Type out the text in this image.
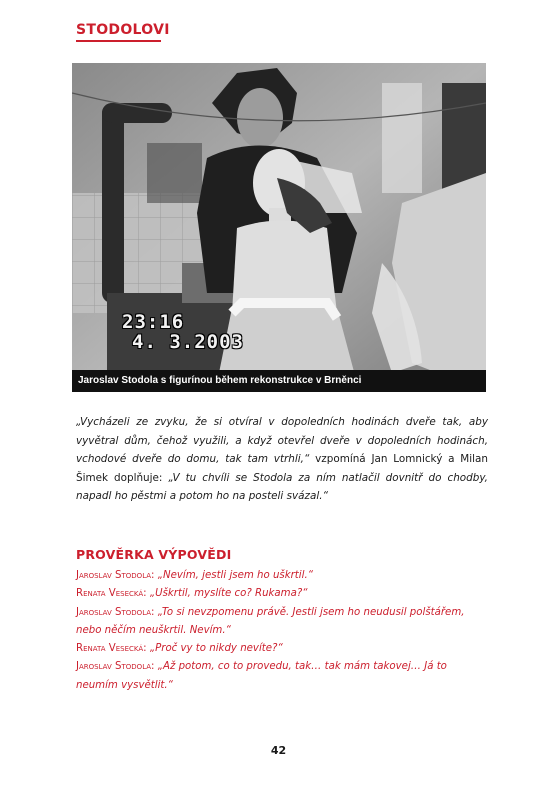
STODOLOVI
23:16
4. 3.2003
Jaroslav Stodola s figurínou během rekonstrukce v Brněnci
„Vycházeli ze zvyku, že si otvíral v dopoledních hodinách dveře tak, aby vyvětral dům, čehož využili, a když otevřel dveře v dopoledních hodinách, vchodové dveře do domu, tak tam vtrhli,“ vzpomíná Jan Lomnický a Milan Šimek doplňuje: „V tu chvíli se Stodola za ním natlačil dovnitř do chodby, napadl ho pěstmi a potom ho na posteli svázal.“
PROVĚRKA VÝPOVĚDI

Jaroslav Stodola: „Nevím, jestli jsem ho uškrtil.“

Renata Vesecká: „Uškrtil, myslíte co? Rukama?“

Jaroslav Stodola: „To si nevzpomenu právě. Jestli jsem ho neudusil polštářem, nebo něčím neuškrtil. Nevím.“

Renata Vesecká: „Proč vy to nikdy nevíte?“

Jaroslav Stodola: „Až potom, co to provedu, tak… tak mám takovej… Já to neumím vysvětlit.“

42
